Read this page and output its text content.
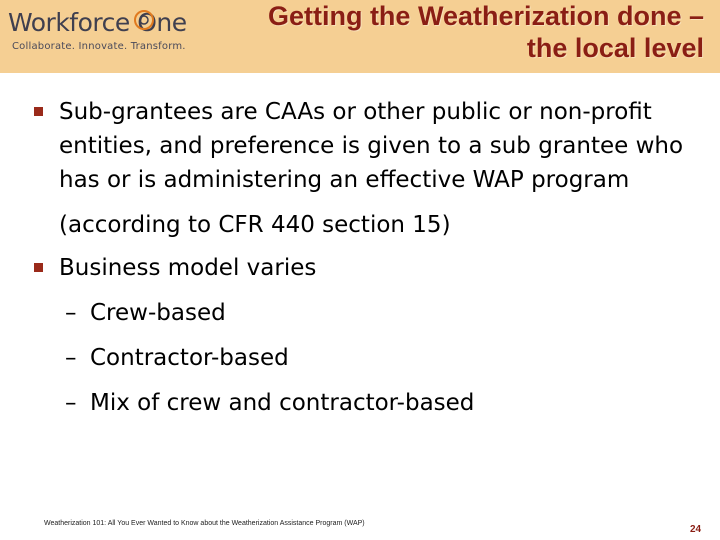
Workforce One
Collaborate. Innovate. Transform.
Getting the Weatherization done –
the local level
Sub-grantees are CAAs or other public or non-profit entities, and preference is given to a sub grantee who has or is administering an effective WAP program
(according to CFR 440 section 15)
Business model varies
– Crew-based
– Contractor-based
– Mix of crew and contractor-based
Weatherization 101: All You Ever Wanted to Know about the Weatherization Assistance Program (WAP)
24
